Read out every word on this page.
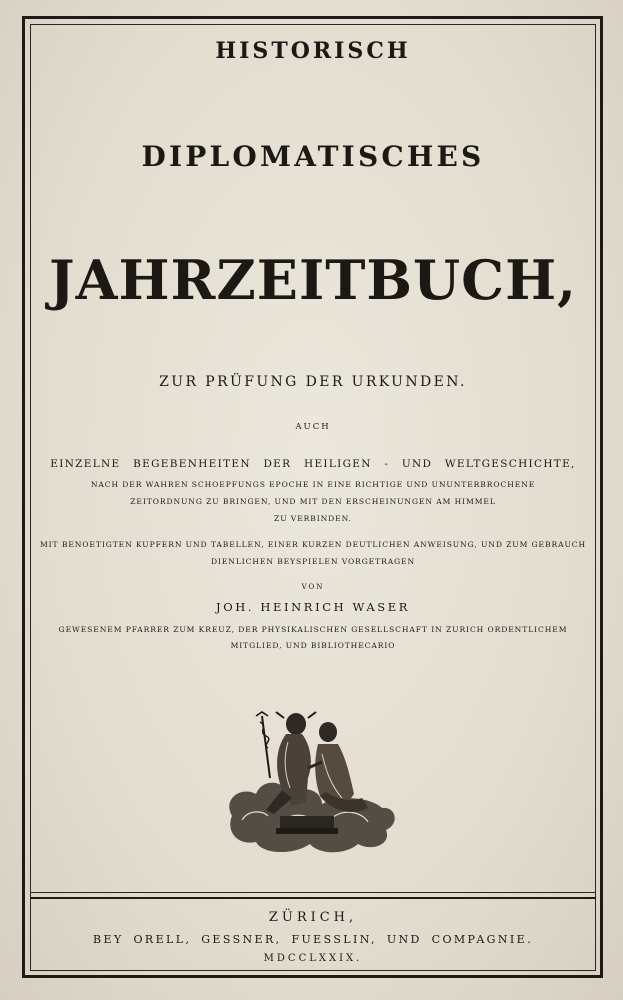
HISTORISCH
DIPLOMATISCHES
JAHRZEITBUCH,
ZUR PRÜFUNG DER URKUNDEN.
AUCH
EINZELNE BEGEBENHEITEN DER HEILIGEN - UND WELTGESCHICHTE,
NACH DER WAHREN SCHOEPFUNGS EPOCHE IN EINE RICHTIGE UND UNUNTERBROCHENE
ZEITORDNUNG ZU BRINGEN, UND MIT DEN ERSCHEINUNGEN AM HIMMEL
ZU VERBINDEN.
MIT BENOETIGTEN KUPFERN UND TABELLEN, EINER KURZEN DEUTLICHEN ANWEISUNG, UND ZUM GEBRAUCH
DIENLICHEN BEYSPIELEN VORGETRAGEN
VON
JOH. HEINRICH WASER
GEWESENEM PFARRER ZUM KREUZ, DER PHYSIKALISCHEN GESELLSCHAFT IN ZURICH ORDENTLICHEM
MITGLIED, UND BIBLIOTHECARIO
ZÜRICH,
BEY ORELL, GESSNER, FUESSLIN, UND COMPAGNIE.
MDCCLXXIX.
